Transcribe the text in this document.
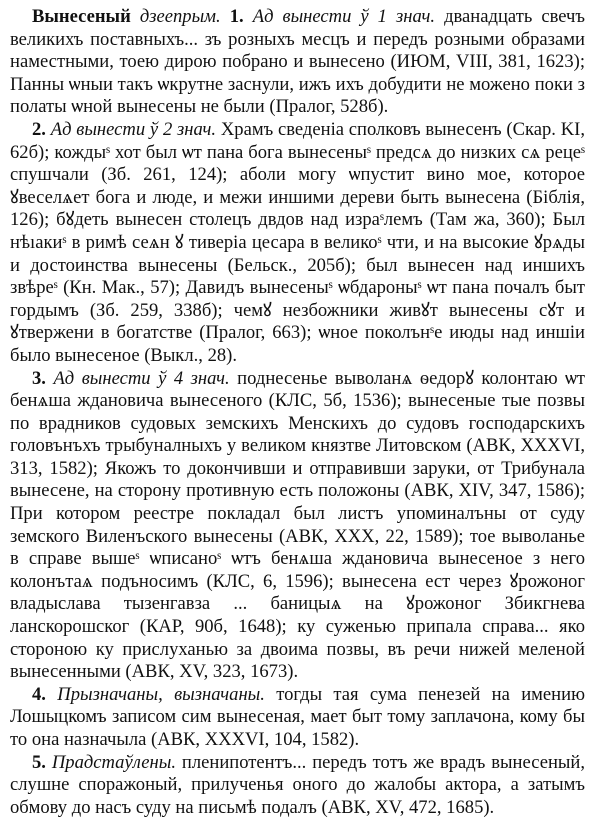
Вынесеный дзеепрым. 1. Ад вынести ў 1 знач. дванадцать свечъ великихъ поставныхъ... зъ розныхъ месцъ и передъ розными образами наместными, тоею дирою побрано и вынесено (ИЮМ, VIII, 381, 1623); Панны ѡныи такъ ѡкрутне заснули, ижъ ихъ добудити не можено поки з полаты ѡной вынесены не были (Пралог, 528б).

2. Ад вынести ў 2 знач. Храмъ сведеніа сполковъ вынесенъ (Скар. KI, 62б); кождыˢ хот был ѡт пана бога вынесеныˢ предсѧ до низких сѧ рецеˢ спушчали (Зб. 261, 124); аболи могу ѡпустит вино мое, которое ꙋвеселѧет бога и люде, и межи иншими дереви быть вынесена (Біблія, 126); бꙋдеть вынесен столецъ двдов над израˢлемъ (Там жа, 360); Был нѣıакиˢ в римѣ сеѧн ꙋ тиверіа цесара в великоˢ чти, и на высокие ꙋрѧды и достоинства вынесены (Бельск., 205б); был вынесен над иншихъ звѣреˢ (Кн. Мак., 57); Давидъ вынесеныˢ ѡбдароныˢ ѡт пана почалъ быт гордымъ (Зб. 259, 338б); чемꙋ незбожники живꙋт вынесены сꙋт и ꙋтвержени в богатстве (Пралог, 663); ѡное поколънˢе июды над иншіи было вынесеное (Выкл., 28).

3. Ад вынести ў 4 знач. поднесенье выволанѧ ѳедорꙋ колонтаю ѡт бенѧша ждановича вынесеного (КЛС, 5б, 1536); вынесеные тые позвы по врадников судовых земскихъ Менскихъ до судовъ господарскихъ головънъхъ трыбуналныхъ у великом князтве Литовском (АВК, XXXVI, 313, 1582); Якожъ то докончивши и отправивши заруки, от Трибунала вынесене, на сторону противную есть положоны (АВК, XIV, 347, 1586); При котором реестре покладал был листъ упоминалъны от суду земского Виленъского вынесены (АВК, XXX, 22, 1589); тое выволанье в справе вышеˢ ѡписаноˢ ѡтъ бенѧша ждановича вынесеное з него колонътаѧ подъносимъ (КЛС, 6, 1596); вынесена ест через ꙋрожоног владыслава тызенгавза ... баницыѧ на ꙋрожоног Збикгнева ланскорошског (КАР, 90б, 1648); ку суженью припала справа... яко стороною ку прислуханью за двоима позвы, въ речи нижей меленой вынесенными (АВК, XV, 323, 1673).

4. Прызначаны, вызначаны. тогды тая сума пенезей на имению Лошыцкомъ записом сим вынесеная, мает быт тому заплачона, кому бы то она назначыла (АВК, XXXVI, 104, 1582).

5. Прадстаўлены. пленипотентъ... передъ тотъ же врадъ вынесеный, слушне споражоный, прилученья оного до жалобы актора, а затымъ обмову до насъ суду на письмѣ подалъ (АВК, XV, 472, 1685).
